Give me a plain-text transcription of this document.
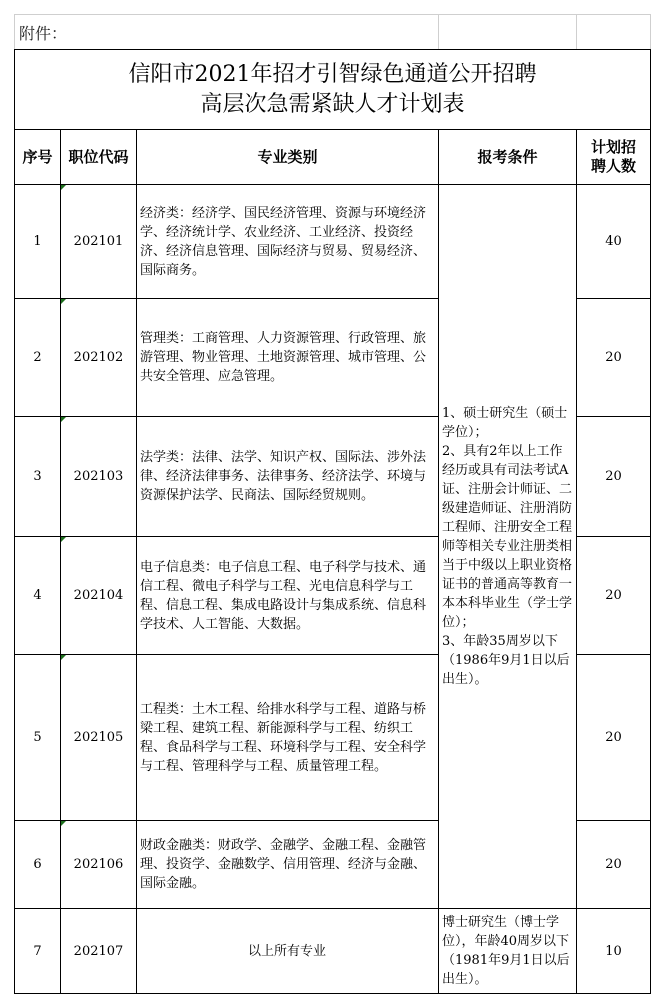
附件：				

信阳市2021年招才引智绿色通道公开招聘
高层次急需紧缺人才计划表				

序号	职位代码	专业类别	报考条件	计划招聘人数

1	202101	经济类：经济学、国民经济管理、资源与环境经济学、经济统计学、农业经济、工业经济、投资经济、经济信息管理、国际经济与贸易、贸易经济、国际商务。	1、硕士研究生（硕士学位）；
2、具有2年以上工作经历或具有司法考试A证、注册会计师证、二级建造师证、注册消防工程师、注册安全工程师等相关专业注册类相当于中级以上职业资格证书的普通高等教育一本本科毕业生（学士学位）；
3、年龄35周岁以下（1986年9月1日以后出生）。	40
2	202102	管理类：工商管理、人力资源管理、行政管理、旅游管理、物业管理、土地资源管理、城市管理、公共安全管理、应急管理。		20
3	202103	法学类：法律、法学、知识产权、国际法、涉外法律、经济法律事务、法律事务、经济法学、环境与资源保护法学、民商法、国际经贸规则。		20
4	202104	电子信息类：电子信息工程、电子科学与技术、通信工程、微电子科学与工程、光电信息科学与工程、信息工程、集成电路设计与集成系统、信息科学技术、人工智能、大数据。		20
5	202105	工程类：土木工程、给排水科学与工程、道路与桥梁工程、建筑工程、新能源科学与工程、纺织工程、食品科学与工程、环境科学与工程、安全科学与工程、管理科学与工程、质量管理工程。		20
6	202106	财政金融类：财政学、金融学、金融工程、金融管理、投资学、金融数学、信用管理、经济与金融、国际金融。		20
7	202107	以上所有专业	博士研究生（博士学位），年龄40周岁以下（1981年9月1日以后出生）。	10
